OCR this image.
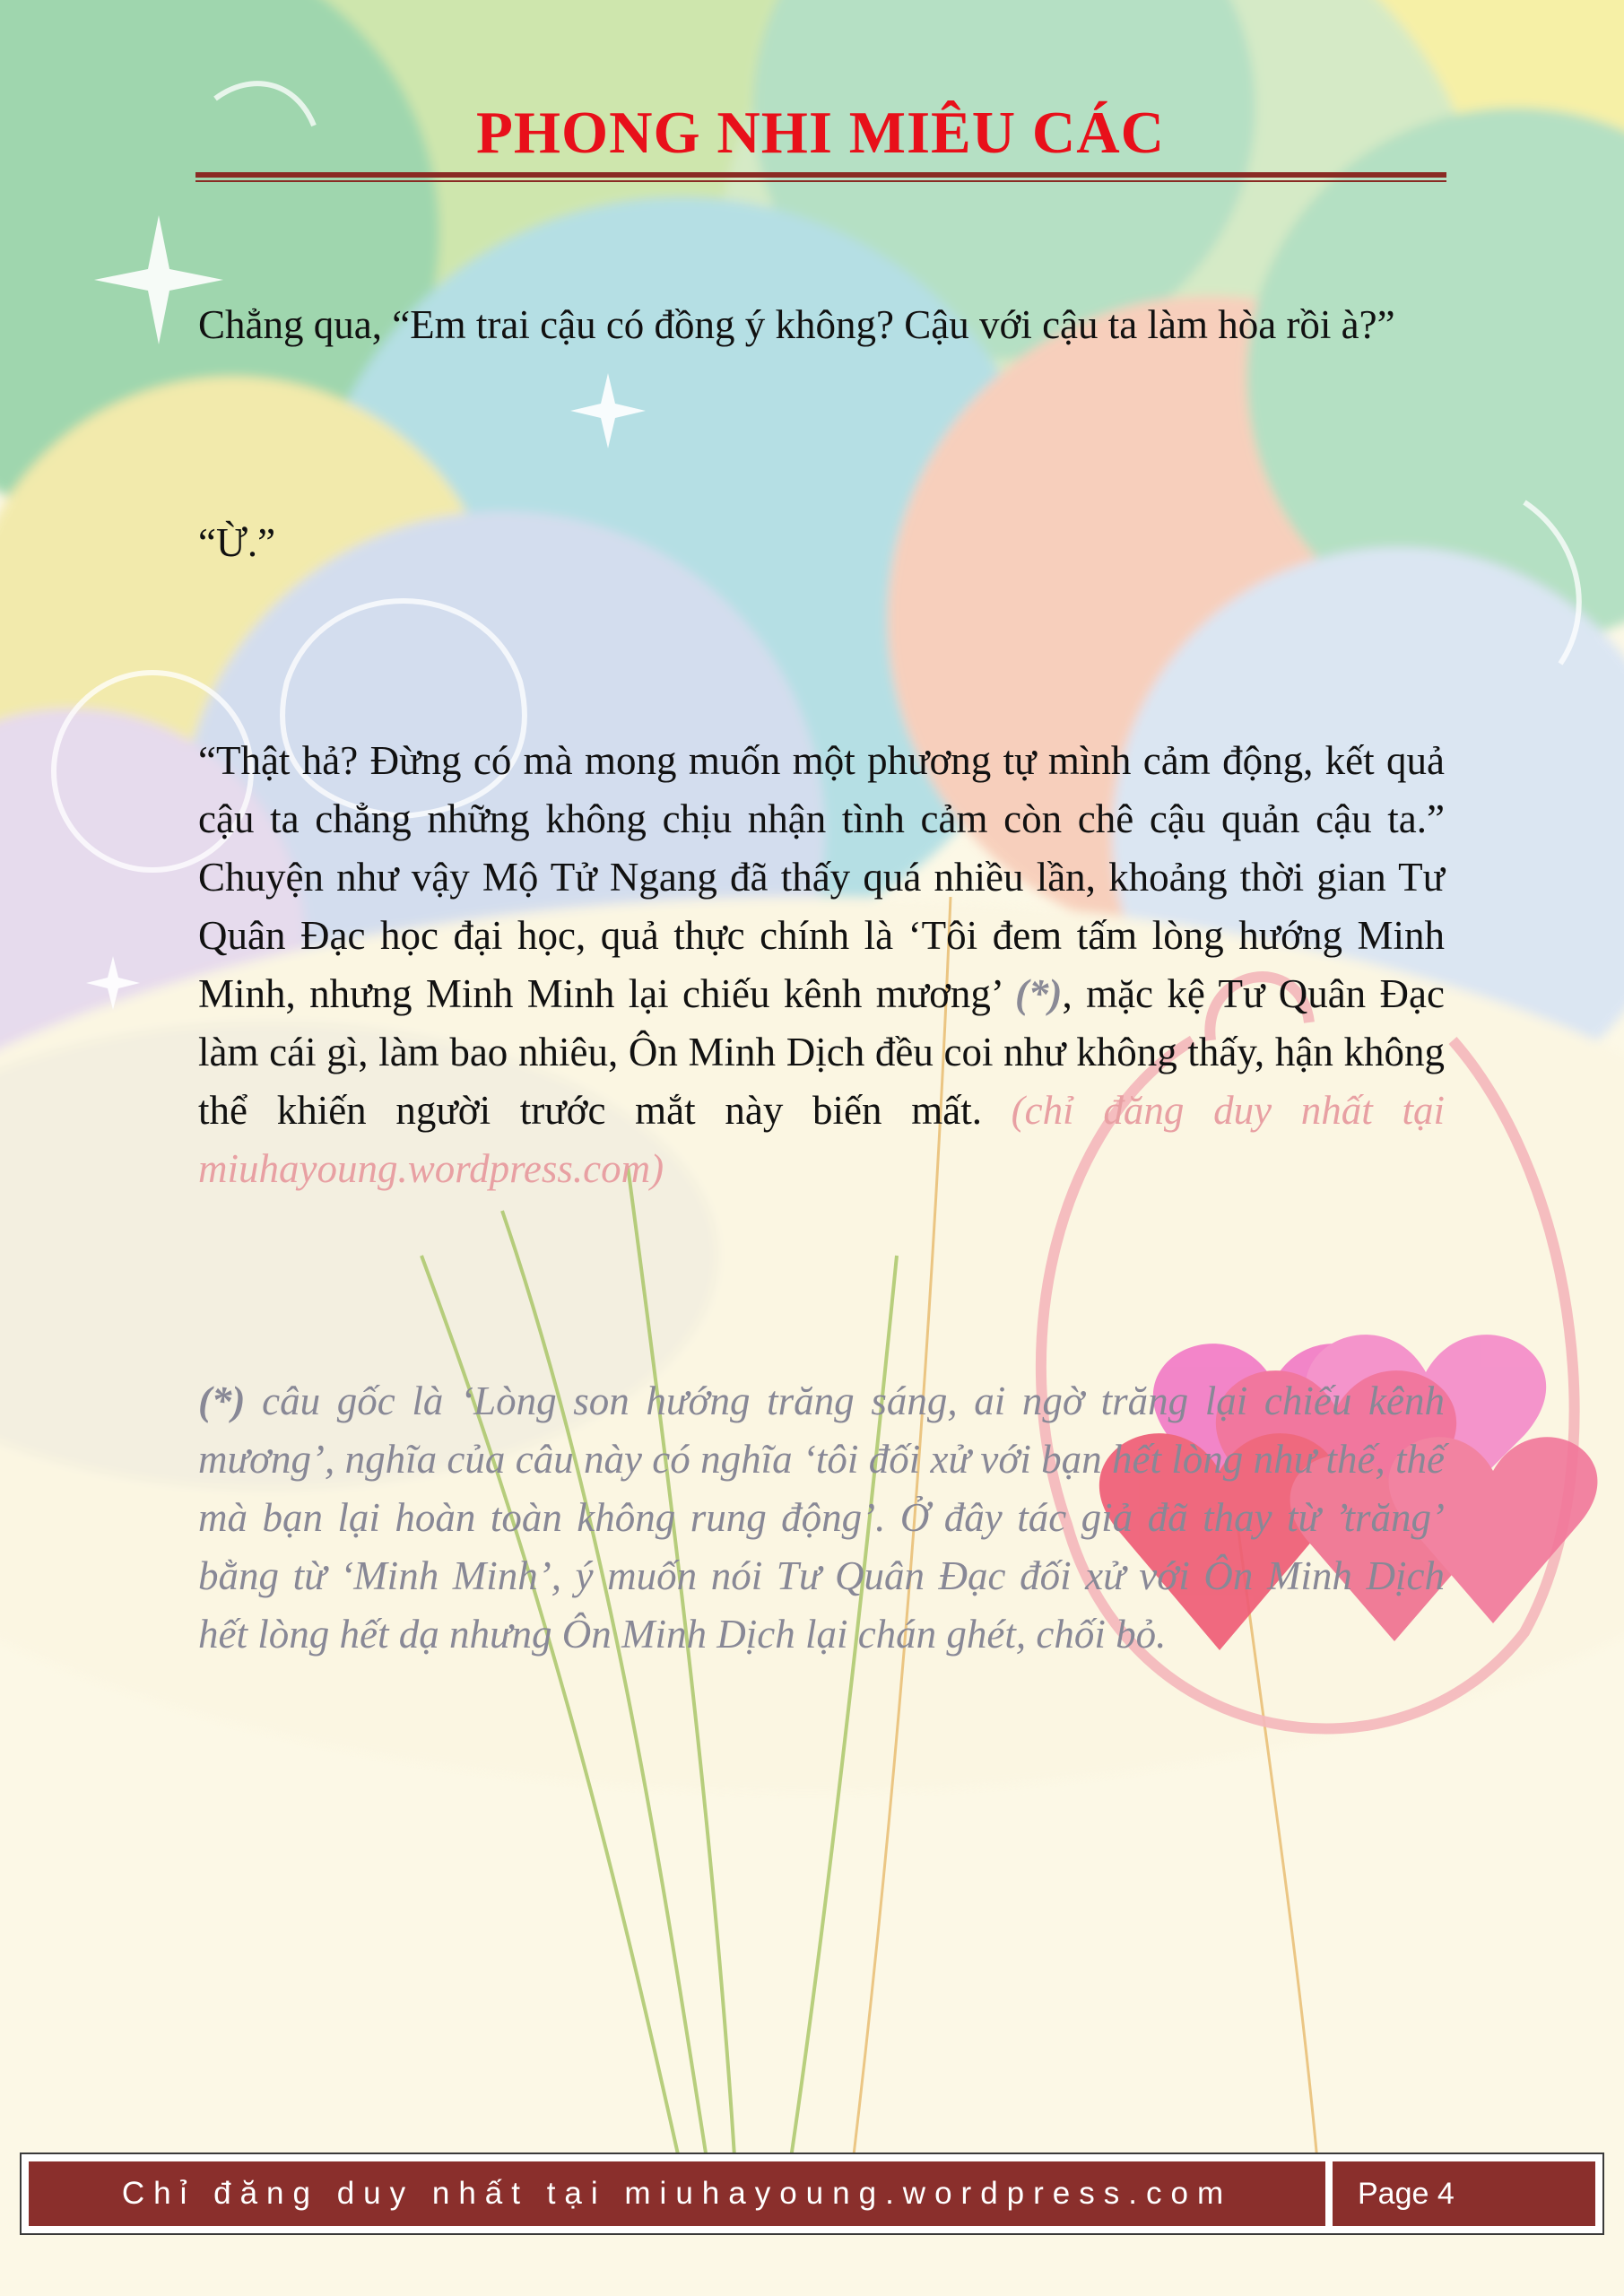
PHONG NHI MIÊU CÁC

Chẳng qua, “Em trai cậu có đồng ý không? Cậu với cậu ta làm hòa rồi à?”

“Ừ.”

“Thật hả? Đừng có mà mong muốn một phương tự mình cảm động, kết quả cậu ta chẳng những không chịu nhận tình cảm còn chê cậu quản cậu ta.” Chuyện như vậy Mộ Tử Ngang đã thấy quá nhiều lần, khoảng thời gian Tư Quân Đạc học đại học, quả thực chính là ‘Tôi đem tấm lòng hướng Minh Minh, nhưng Minh Minh lại chiếu kênh mương’ (*), mặc kệ Tư Quân Đạc làm cái gì, làm bao nhiêu, Ôn Minh Dịch đều coi như không thấy, hận không thể khiến người trước mắt này biến mất. (chỉ đăng duy nhất tại miuhayoung.wordpress.com)

(*) câu gốc là ‘Lòng son hướng trăng sáng, ai ngờ trăng lại chiếu kênh mương’, nghĩa của câu này có nghĩa ‘tôi đối xử với bạn hết lòng như thế, thế mà bạn lại hoàn toàn không rung động’. Ở đây tác giả đã thay từ ’trăng’ bằng từ ‘Minh Minh’, ý muốn nói Tư Quân Đạc đối xử với Ôn Minh Dịch hết lòng hết dạ nhưng Ôn Minh Dịch lại chán ghét, chối bỏ.

Chỉ đăng duy nhất tại miuhayoung.wordpress.com	Page 4
